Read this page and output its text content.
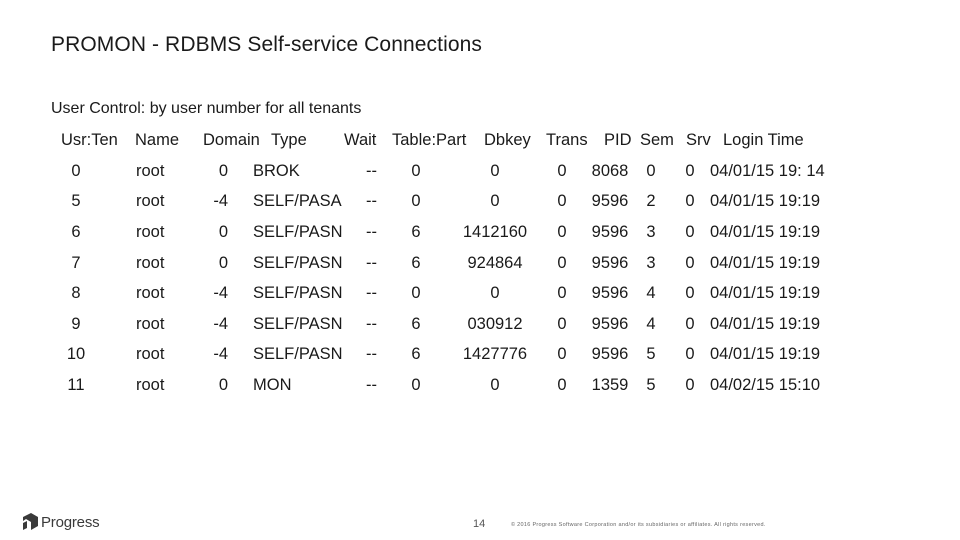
PROMON - RDBMS Self-service Connections
User Control: by user number for all tenants
Usr:Ten Name Domain Type Wait Table:Part Dbkey Trans PID Sem Srv Login Time
0	root	0 BROK	-- 0	0	0 8068 0 0 04/01/15 19: 14
5	root	-4 SELF/PASA -- 0	0	0 9596 2 0 04/01/15 19:19
6	root	0 SELF/PASN -- 6	1412160 0 9596 3 0 04/01/15 19:19
7	root	0 SELF/PASN -- 6	924864 0 9596 3 0 04/01/15 19:19
8	root	-4 SELF/PASN -- 0	0	0 9596 4 0 04/01/15 19:19
9	root	-4 SELF/PASN -- 6	030912 0 9596 4 0 04/01/15 19:19
10	root	-4 SELF/PASN -- 6	1427776 0 9596 5 0 04/01/15 19:19
11	root	0 MON	-- 0	0	0 1359 5 0 04/02/15 15:10
Progress	14	© 2016 Progress Software Corporation and/or its subsidiaries or affiliates. All rights reserved.
